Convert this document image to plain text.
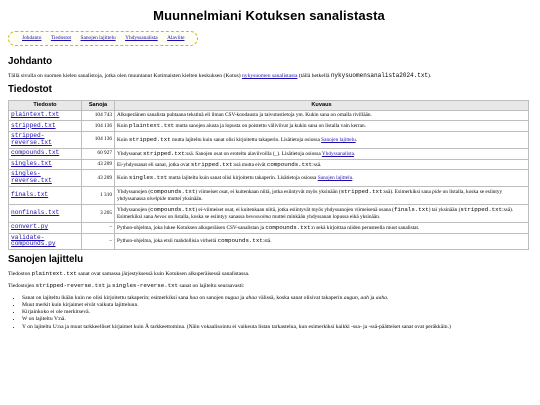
Muunnelmiani Kotuksen sanalistasta
Johdanto Tiedostot Sanojen lajittelu Yhdyssanalista Alaviite
Johdanto

Tällä sivulla on suomen kielen sanalistoja, jotka olen muuntanut Kotimaisten kielten keskuksen (Kotus) nykysuomen sanalistasta (tällä hetkellä nykysuomensanalista2024.txt).

Tiedostot
Tiedosto	Sanoja	Kuvaus
plaintext.txt	104 743	Alkuperäinen sanalista puhtaana tekstinä eli ilman CSV-koodausta ja taivutustietoja ym. Kukin sana on omalla rivillään.
stripped.txt	104 136	Kuin plaintext.txt mutta sanojen alusta ja lopusta on poistettu väliviivat ja kukin sana on listalla vain kerran.
stripped-reverse.txt	104 136	Kuin stripped.txt mutta lajiteltu kuin sanat olisi kirjoitettu takaperin. Lisätietoja osiossa Sanojen lajittelu.
compounds.txt	60 927	Yhdyssanat stripped.txt:ssä. Sanojen osat on eroteltu alaviivoilla (_). Lisätietoja osiossa Yhdyssanalista.
singles.txt	43 209	Ei-yhdyssanat eli sanat, jotka ovat stripped.txt:ssä mutta eivät compounds.txt:ssä.
singles-reverse.txt	43 209	Kuin singles.txt mutta lajiteltu kuin sanat olisi kirjoitettu takaperin. Lisätietoja osiossa Sanojen lajittelu.
finals.txt	1 310	Yhdyssanojen (compounds.txt) viimeiset osat, ei kuitenkaan niitä, jotka esiintyvät myös yksinään (stripped.txt:ssä). Esimerkiksi sana pide on listalla, koska se esiintyy yhdyssanassa nivelpide muttei yksinään.
nonfinals.txt	3 205	Yhdyssanojen (compounds.txt) ei-viimeiset osat, ei kuitenkaan niitä, jotka esiintyvät myös yhdyssanojen viimeisenä osana (finals.txt) tai yksinään (stripped.txt:ssä). Esimerkiksi sana hevos on listalla, koska se esiintyy sanassa hevosvoima muttei minkään yhdyssanan lopussa eikä yksinään.
convert.py	–	Python-ohjelma, joka lukee Kotuksen alkuperäisen CSV-sanalistan ja compounds.txt:n sekä kirjoittaa niiden perusteella muut sanalistat.
validate-compounds.py	–	Python-ohjelma, joka etsii mahdollisia virheitä compounds.txt:stä.
Sanojen lajittelu

Tiedoston plaintext.txt sanat ovat samassa järjestyksessä kuin Kotuksen alkuperäisessä sanalistassa.

Tiedostojen stripped-reverse.txt ja singles-reverse.txt sanat on lajiteltu seuraavasti:

• Sanat on lajiteltu ikään kuin ne olisi kirjoitettu takaperin; esimerkiksi sana haa on sanojen nugua ja ahaa välissä, koska sanat olisivat takaperin augun, aah ja aaha.
• Muut merkit kuin kirjaimet eivät vaikuta lajitteluun.
• Kirjainkoko ei ole merkitsevä.
• W on lajiteltu V:nä.
• Y on lajiteltu U:na ja muut tarkkeelliset kirjaimet kuin Å tarkkeettomina. (Näin vokaalisointu ei vaikeuta listan tarkastelua, kun esimerkiksi kaikki -ssa- ja -ssä-päätteiset sanat ovat peräkkäin.)
